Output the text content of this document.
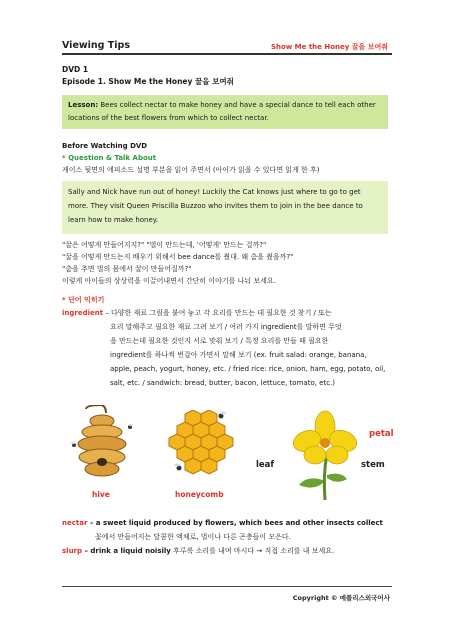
Viewing Tips	Show Me the Honey 꿀을 보여줘
DVD 1
Episode 1. Show Me the Honey 꿀을 보여줘
Lesson: Bees collect nectar to make honey and have a special dance to tell each other
locations of the best flowers from which to collect nectar.
Before Watching DVD
* Question & Talk About
케이스 뒷면의 에피소드 설명 부분을 읽어 주면서 (아이가 읽을 수 있다면 읽게 한 후)
Sally and Nick have run out of honey! Luckily the Cat knows just where to go to get
more. They visit Queen Priscilla Buzzoo who invites them to join in the bee dance to
learn how to make honey.
"꿀은 어떻게 만들어지지?" "벌이 만드는데, '어떻게' 만드는 걸까?"
"꿀을 어떻게 만드는지 배우기 위해서 bee dance를 췄대. 왜 춤을 췄을까?"
"춤을 추면 벌의 몸에서 꿀이 만들어질까?"
이렇게 아이들의 상상력을 이끌어내면서 간단히 이야기를 나눠 보세요.
* 단어 익히기
ingredient – 다양한 재료 그림을 붙여 놓고 각 요리를 만드는 데 필요한 것 찾기 / 또는
요리 말해주고 필요한 재료 그려 보기 / 여러 가지 ingredient를 말하면 무엇
을 만드는데 필요한 것인지 서로 맞춰 보기 / 특정 요리를 만들 때 필요한
ingredient를 하나씩 번갈아 가면서 말해 보기 (ex. fruit salad: orange, banana,
apple, peach, yogurt, honey, etc. / fried rice: rice, onion, ham, egg, potato, oil,
salt, etc. / sandwich: bread, butter, bacon, lettuce, tomato, etc.)
hive	honeycomb
petal
leaf	stem
nectar – a sweet liquid produced by flowers, which bees and other insects collect
꽃에서 만들어지는 달콤한 액체로, 벌이나 다른 곤충들이 모은다.
slurp – drink a liquid noisily 후루룩 소리를 내며 마시다 → 직접 소리를 내 보세요.
Copyright © 예플리스외국어사
